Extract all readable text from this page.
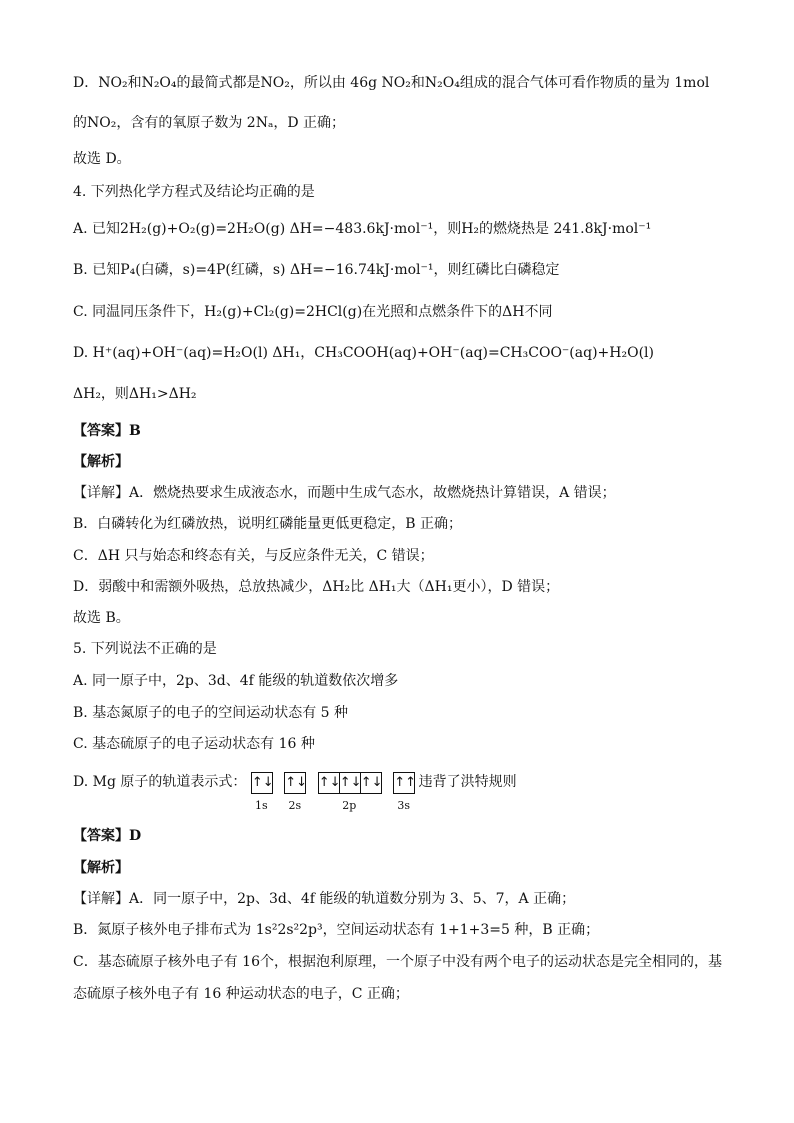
D．NO₂和N₂O₄的最简式都是NO₂，所以由 46g NO₂和N₂O₄组成的混合气体可看作物质的量为 1mol
的NO₂，含有的氧原子数为 2Nₐ，D 正确；
故选 D。
4. 下列热化学方程式及结论均正确的是
A. 已知2H₂(g)+O₂(g)=2H₂O(g) ΔH=−483.6kJ·mol⁻¹，则H₂的燃烧热是 241.8kJ·mol⁻¹
B. 已知P₄(白磷，s)=4P(红磷，s) ΔH=−16.74kJ·mol⁻¹，则红磷比白磷稳定
C. 同温同压条件下，H₂(g)+Cl₂(g)=2HCl(g)在光照和点燃条件下的ΔH不同
D. H⁺(aq)+OH⁻(aq)=H₂O(l) ΔH₁，CH₃COOH(aq)+OH⁻(aq)=CH₃COO⁻(aq)+H₂O(l)
ΔH₂，则ΔH₁>ΔH₂
【答案】B
【解析】
【详解】A．燃烧热要求生成液态水，而题中生成气态水，故燃烧热计算错误，A 错误；
B．白磷转化为红磷放热，说明红磷能量更低更稳定，B 正确；
C．ΔH 只与始态和终态有关，与反应条件无关，C 错误；
D．弱酸中和需额外吸热，总放热减少，ΔH₂比 ΔH₁大（ΔH₁更小），D 错误；
故选 B。
5. 下列说法不正确的是
A. 同一原子中，2p、3d、4f 能级的轨道数依次增多
B. 基态氮原子的电子的空间运动状态有 5 种
C. 基态硫原子的电子运动状态有 16 种
D. Mg 原子的轨道表示式： ↑↓
1s
↑↓
2s
↑↓↑↓↑↓
2p
↑↑
3s
违背了洪特规则
【答案】D
【解析】
【详解】A．同一原子中，2p、3d、4f 能级的轨道数分别为 3、5、7，A 正确；
B．氮原子核外电子排布式为 1s²2s²2p³，空间运动状态有 1+1+3=5 种，B 正确；
C．基态硫原子核外电子有 16个，根据泡利原理，一个原子中没有两个电子的运动状态是完全相同的，基
态硫原子核外电子有 16 种运动状态的电子，C 正确；
